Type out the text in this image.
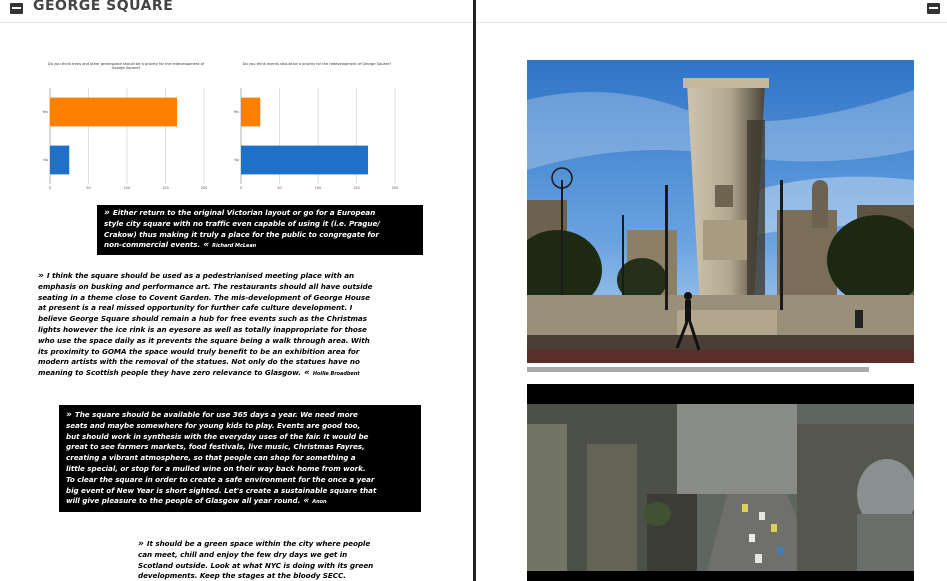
GEORGE SQUARE
Do you think trees and other greenspace should be a priority for the redevelopment of George Square?
0	50	100	150	200
Yes
No
Do you think events should be a priority for the redevelopment of George Square?
0	50	100	150	200
Yes
No
» Either return to the original Victorian layout or go for a European
style city square with no traffic even capable of using it (i.e. Prague/
Crakow) thus making it truly a place for the public to congregate for
non-commercial events. « Richard McLean
» I think the square should be used as a pedestrianised meeting place with an
emphasis on busking and performance art. The restaurants should all have outside
seating in a theme close to Covent Garden. The mis-development of George House
at present is a real missed opportunity for further cafe culture development. I
believe George Square should remain a hub for free events such as the Christmas
lights however the ice rink is an eyesore as well as totally inappropriate for those
who use the space daily as it prevents the square being a walk through area. With
its proximity to GOMA the space would truly benefit to be an exhibition area for
modern artists with the removal of the statues. Not only do the statues have no
meaning to Scottish people they have zero relevance to Glasgow. « Hollie Broadbent
» The square should be available for use 365 days a year. We need more
seats and maybe somewhere for young kids to play. Events are good too,
but should work in synthesis with the everyday uses of the fair. It would be
great to see farmers markets, food festivals, live music, Christmas Fayres,
creating a vibrant atmosphere, so that people can shop for something a
little special, or stop for a mulled wine on their way back home from work.
To clear the square in order to create a safe environment for the once a year
big event of New Year is short sighted. Let's create a sustainable square that
will give pleasure to the people of Glasgow all year round. « Anon
» It should be a green space within the city where people
can meet, chill and enjoy the few dry days we get in
Scotland outside. Look at what NYC is doing with its green
developments. Keep the stages at the bloody SECC.
